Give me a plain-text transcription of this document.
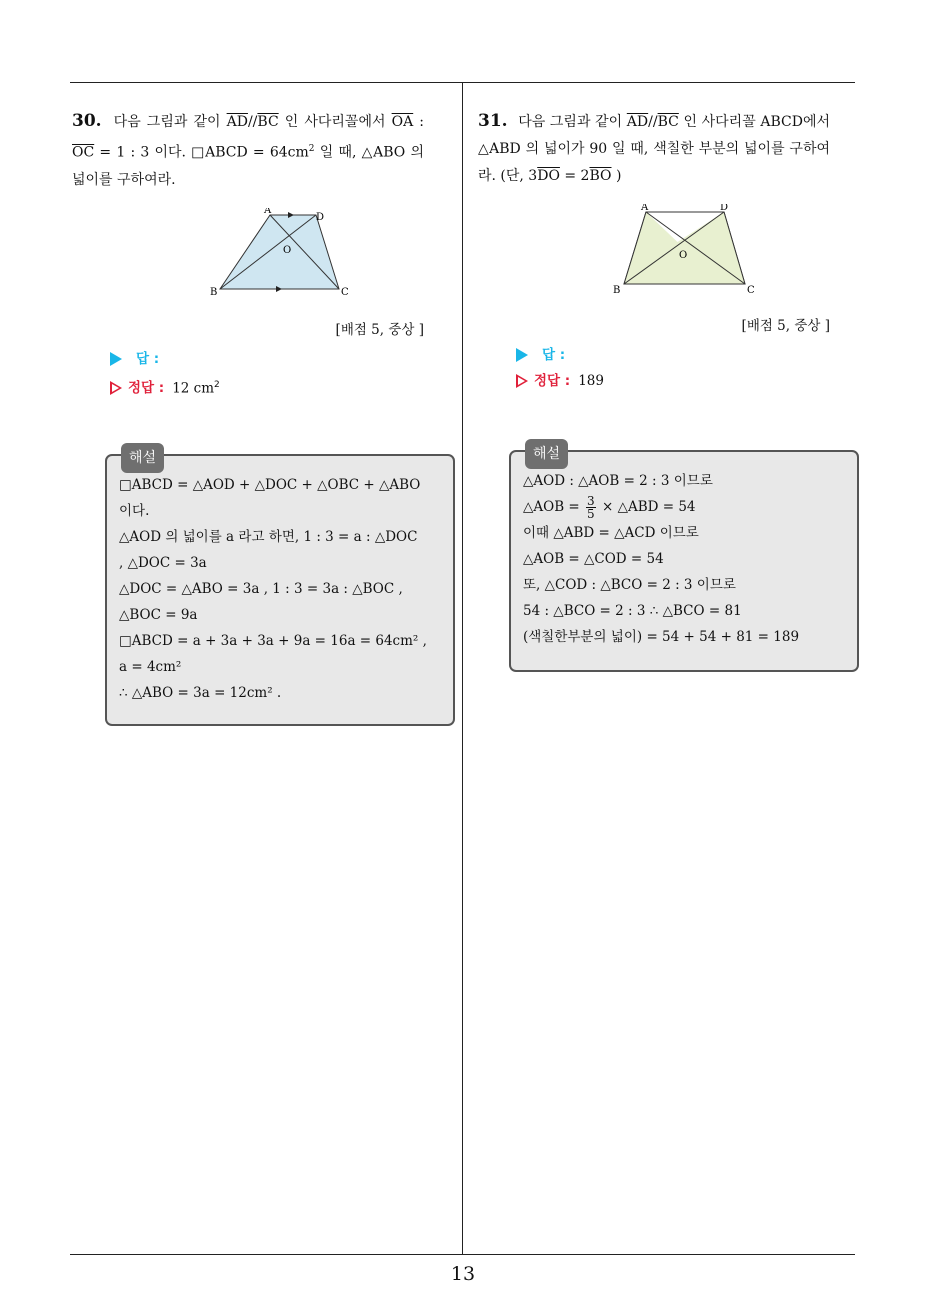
30. 다음 그림과 같이 $\overline{AD}//\overline{BC}$ 인 사다리꼴에서 $\overline{OA}$ : $\overline{OC} = 1$ : 3 이다. □ABCD = $64cm^2$ 일 때, △ABO 의 넓이를 구하여라.
A
D
O
B	C
[배점 5, 중상 ]
답 :
정답 : 12 $cm^2$
해설
□ABCD = △AOD + △DOC + △OBC + △ABO
이다.
△AOD 의 넓이를 a 라고 하면, 1 : 3 = a : △DOC
, △DOC = 3a
△DOC = △ABO = 3a , 1 : 3 = 3a : △BOC ,
△BOC = 9a
□ABCD = a + 3a + 3a + 9a = 16a = 64cm² ,
a = 4cm²
∴ △ABO = 3a = 12cm² .
31. 다음 그림과 같이 $\overline{AD}//\overline{BC}$ 인 사다리꼴 ABCD에서 △ABD 의 넓이가 90 일 때, 색칠한 부분의 넓이를 구하여라. (단, $3\overline{DO} = 2\overline{BO}$ )
A	D
O
B	C
[배점 5, 중상 ]
답 :
정답 : 189
해설
△AOD : △AOB = 2 : 3 이므로
△AOB = $\frac{3}{5}$ × △ABD = 54
이때 △ABD = △ACD 이므로
△AOB = △COD = 54
또, △COD : △BCO = 2 : 3 이므로
54 : △BCO = 2 : 3 ∴ △BCO = 81
(색칠한부분의 넓이) = 54 + 54 + 81 = 189
13
